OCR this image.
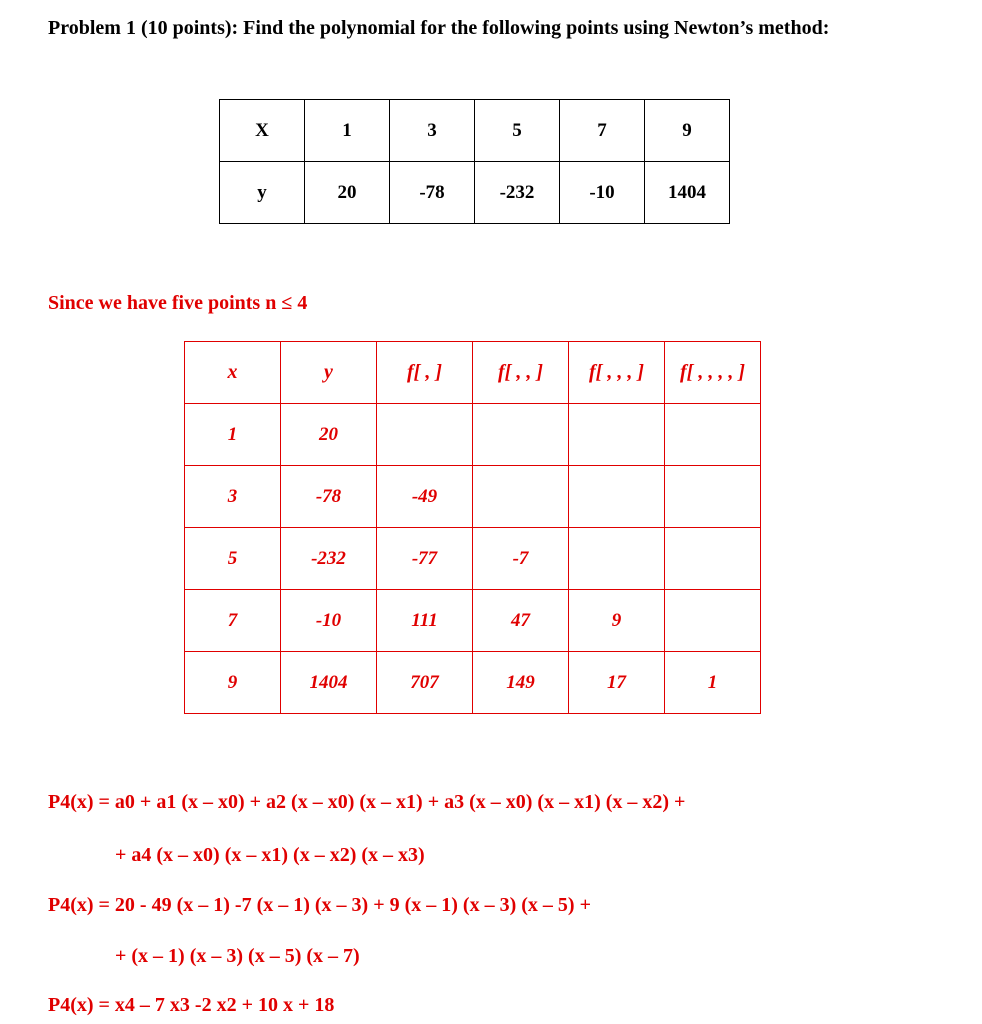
Problem 1 (10 points): Find the polynomial for the following points using Newton’s method:
X	1	3	5	7	9
y	20	-78	-232	-10	1404
Since we have five points n ≤ 4
x	y	f[ , ]	f[ , , ]	f[ , , , ]	f[ , , , , ]
1	20				
3	-78	-49			
5	-232	-77	-7		
7	-10	111	47	9	
9	1404	707	149	17	1
P4(x) = a0 + a1 (x – x0) + a2 (x – x0) (x – x1) + a3 (x – x0) (x – x1) (x – x2) +
+ a4 (x – x0) (x – x1) (x – x2) (x – x3)
P4(x) = 20 - 49 (x – 1) -7 (x – 1) (x – 3) + 9 (x – 1) (x – 3) (x – 5) +
+ (x – 1) (x – 3) (x – 5) (x – 7)
P4(x) = x4 – 7 x3 -2 x2 + 10 x + 18
